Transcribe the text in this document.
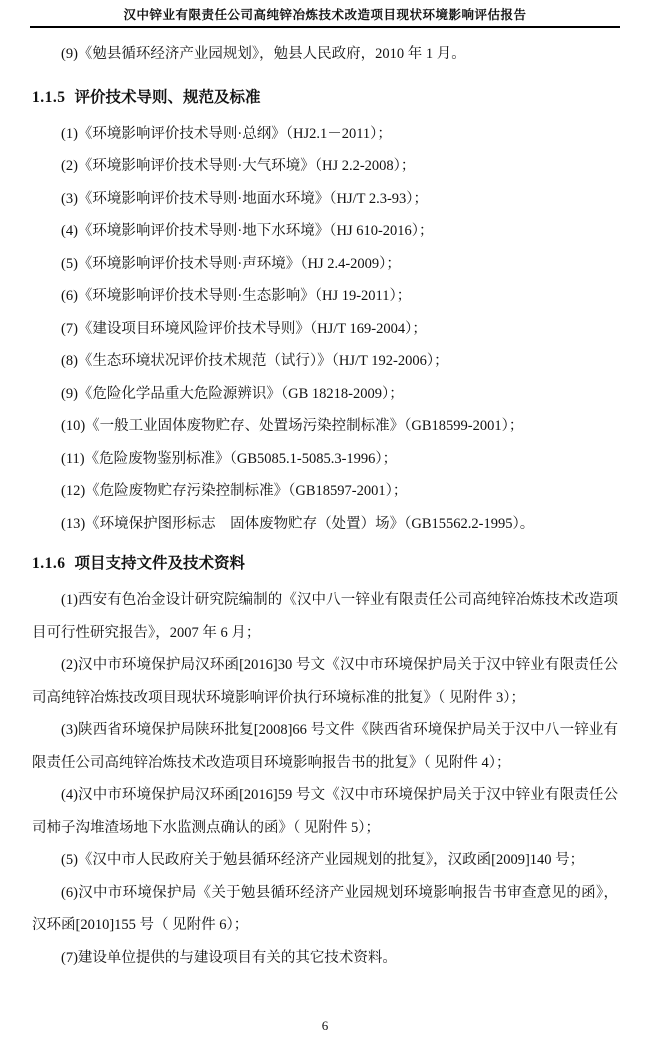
汉中锌业有限责任公司高纯锌冶炼技术改造项目现状环境影响评估报告

(9)《勉县循环经济产业园规划》，勉县人民政府，2010 年 1 月。

1.1.5 评价技术导则、规范及标准

(1)《环境影响评价技术导则·总纲》（HJ2.1－2011）；

(2)《环境影响评价技术导则·大气环境》（HJ 2.2-2008）；

(3)《环境影响评价技术导则·地面水环境》（HJ/T 2.3-93）；

(4)《环境影响评价技术导则·地下水环境》（HJ 610-2016）；

(5)《环境影响评价技术导则·声环境》（HJ 2.4-2009）；

(6)《环境影响评价技术导则·生态影响》（HJ 19-2011）；

(7)《建设项目环境风险评价技术导则》（HJ/T 169-2004）；

(8)《生态环境状况评价技术规范（试行）》（HJ/T 192-2006）；

(9)《危险化学品重大危险源辨识》（GB 18218-2009）；

(10)《一般工业固体废物贮存、处置场污染控制标准》（GB18599-2001）；

(11)《危险废物鉴别标准》（GB5085.1-5085.3-1996）；

(12)《危险废物贮存污染控制标准》（GB18597-2001）；

(13)《环境保护图形标志　固体废物贮存（处置）场》（GB15562.2-1995）。

1.1.6 项目支持文件及技术资料

(1)西安有色冶金设计研究院编制的《汉中八一锌业有限责任公司高纯锌冶炼技术改造项目可行性研究报告》，2007 年 6 月；

(2)汉中市环境保护局汉环函[2016]30 号文《汉中市环境保护局关于汉中锌业有限责任公司高纯锌冶炼技改项目现状环境影响评价执行环境标准的批复》（ 见附件 3）；

(3)陕西省环境保护局陕环批复[2008]66 号文件《陕西省环境保护局关于汉中八一锌业有限责任公司高纯锌冶炼技术改造项目环境影响报告书的批复》（ 见附件 4）；

(4)汉中市环境保护局汉环函[2016]59 号文《汉中市环境保护局关于汉中锌业有限责任公司柿子沟堆渣场地下水监测点确认的函》（ 见附件 5）；

(5)《汉中市人民政府关于勉县循环经济产业园规划的批复》，汉政函[2009]140 号；

(6)汉中市环境保护局《关于勉县循环经济产业园规划环境影响报告书审查意见的函》，汉环函[2010]155 号（ 见附件 6）；

(7)建设单位提供的与建设项目有关的其它技术资料。

6
